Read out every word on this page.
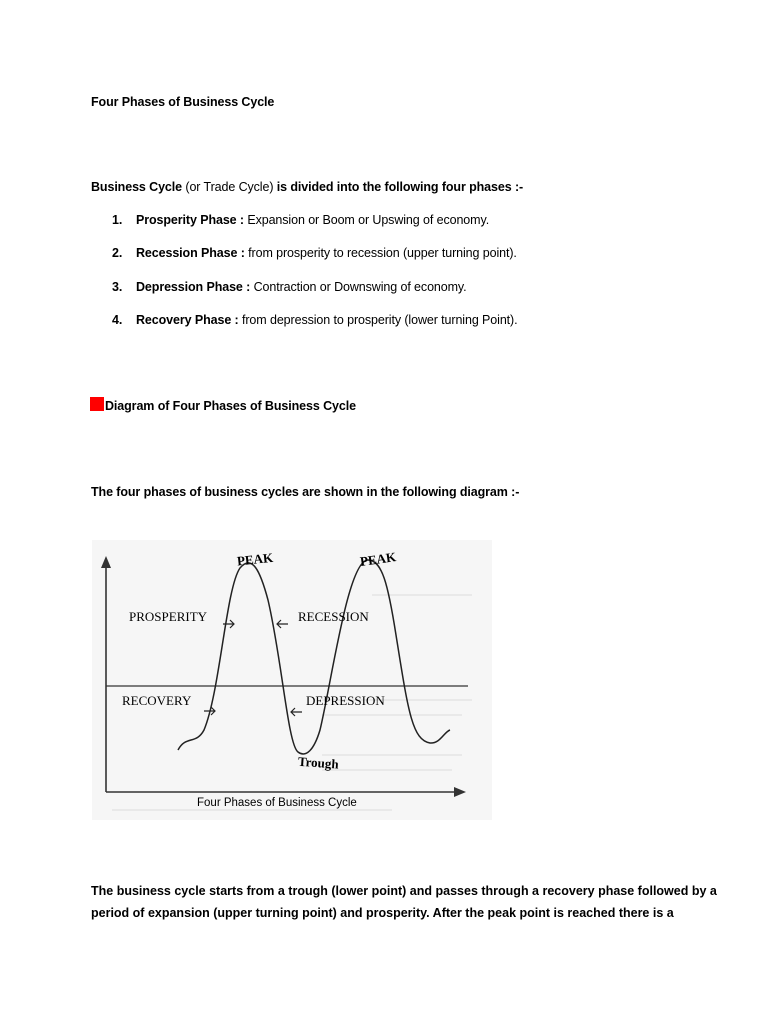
Four Phases of Business Cycle
Business Cycle (or Trade Cycle) is divided into the following four phases :-
1. Prosperity Phase : Expansion or Boom or Upswing of economy.
2. Recession Phase : from prosperity to recession (upper turning point).
3. Depression Phase : Contraction or Downswing of economy.
4. Recovery Phase : from depression to prosperity (lower turning Point).
Diagram of Four Phases of Business Cycle
The four phases of business cycles are shown in the following diagram :-
PEAK	PEAK
PROSPERITY	RECESSION
RECOVERY	DEPRESSION
Trough
Four Phases of Business Cycle
The business cycle starts from a trough (lower point) and passes through a recovery phase followed by a
period of expansion (upper turning point) and prosperity. After the peak point is reached there is a
